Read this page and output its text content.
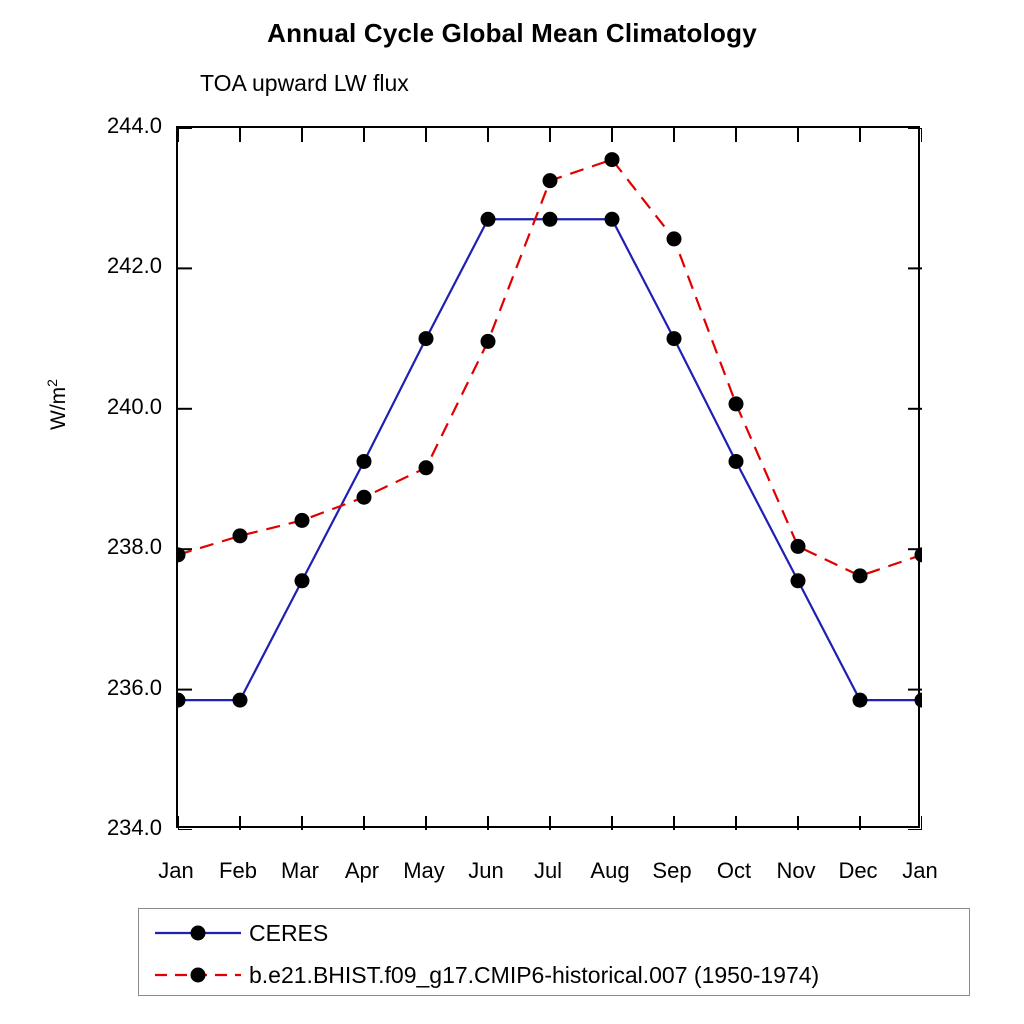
Annual Cycle Global Mean Climatology
TOA upward LW flux
$W/m^2$
234.0
236.0
238.0
240.0
242.0
244.0
Jan	Feb	Mar	Apr	May	Jun	Jul	Aug	Sep	Oct	Nov	Dec	Jan
CERES
b.e21.BHIST.f09_g17.CMIP6-historical.007 (1950-1974)
